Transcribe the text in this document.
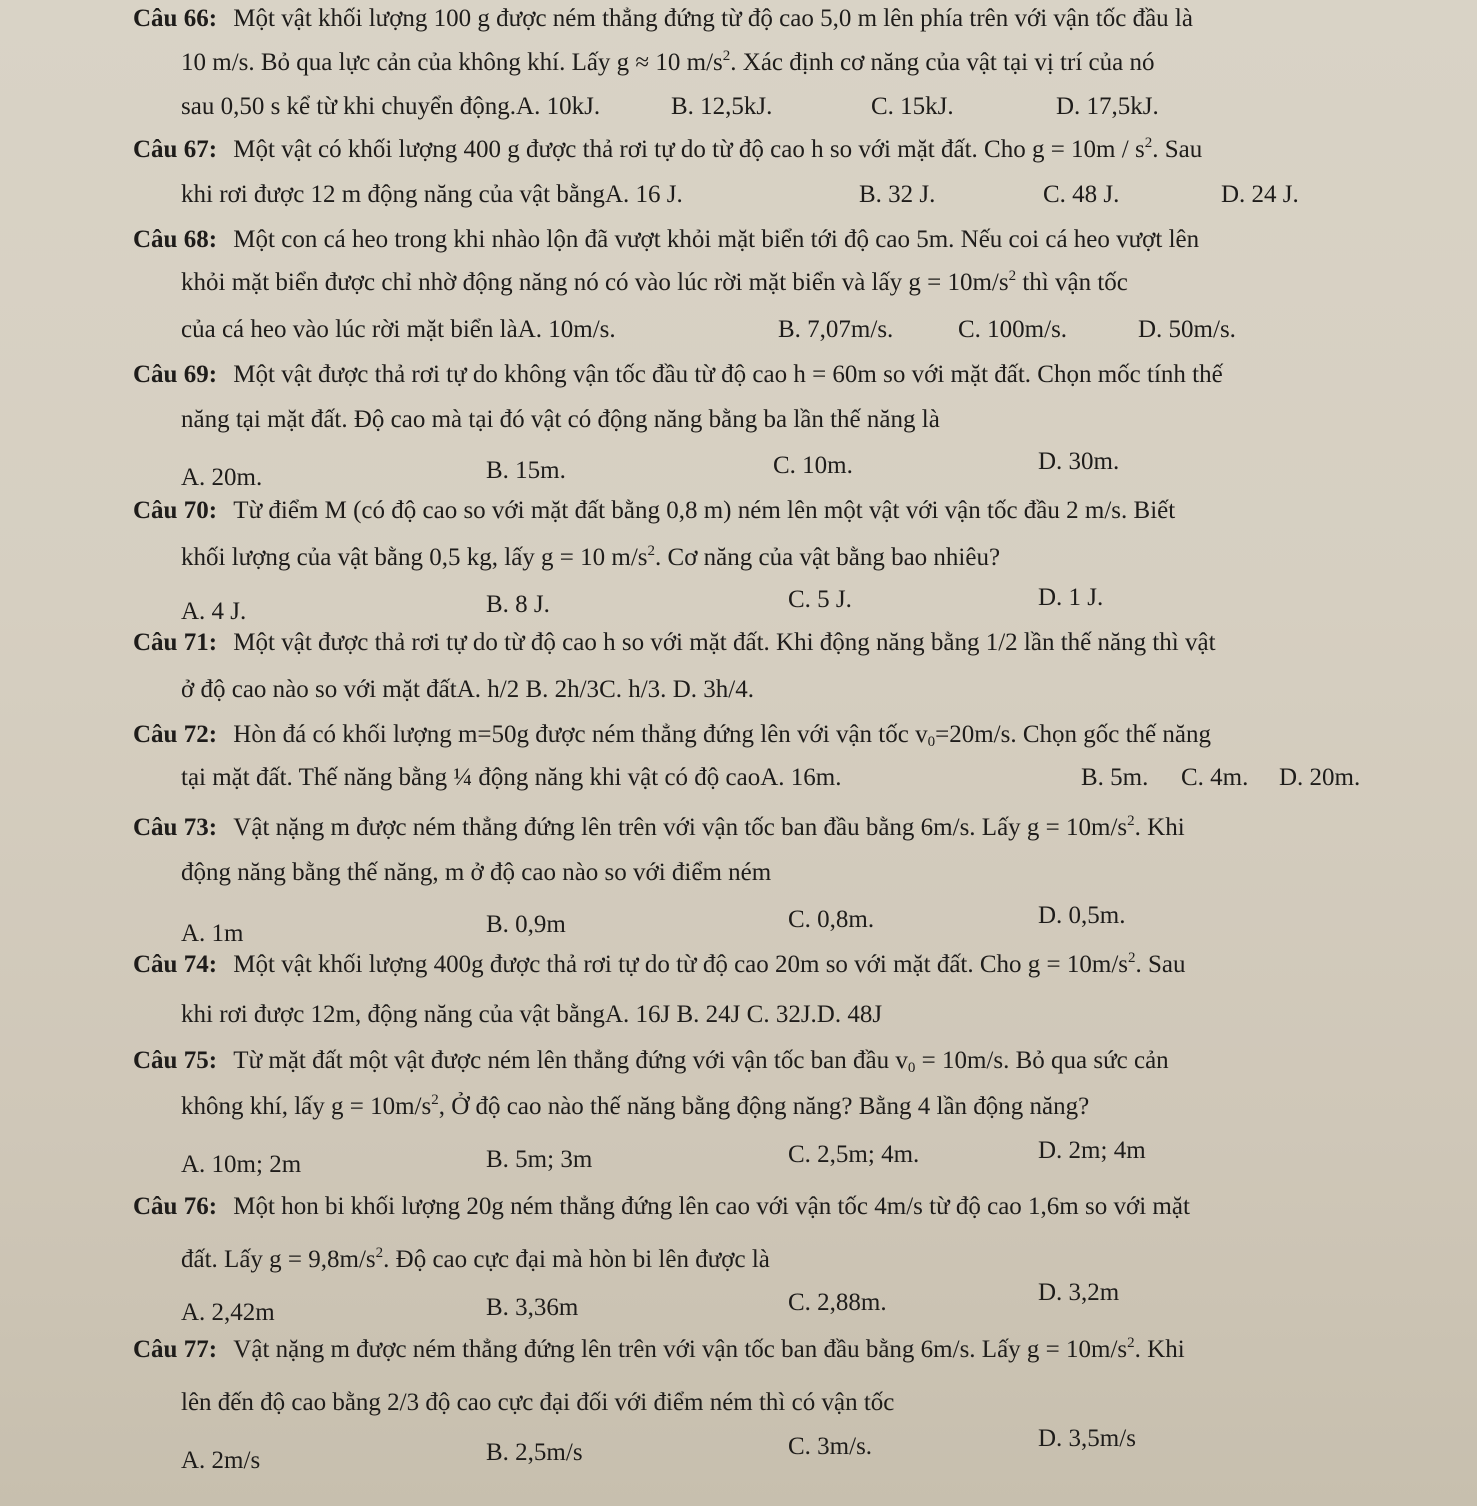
Câu 66: Một vật khối lượng 100 g được ném thẳng đứng từ độ cao 5,0 m lên phía trên với vận tốc đầu là
10 m/s. Bỏ qua lực cản của không khí. Lấy g ≈ 10 $m/s^2$. Xác định cơ năng của vật tại vị trí của nó
sau 0,50 s kể từ khi chuyển động.A. 10kJ.	B. 12,5kJ.	C. 15kJ.	D. 17,5kJ.
Câu 67: Một vật có khối lượng 400 g được thả rơi tự do từ độ cao h so với mặt đất. Cho $g = 10m / s^2$. Sau
khi rơi được 12 m động năng của vật bằngA. 16 J.	B. 32 J.	C. 48 J.	D. 24 J.
Câu 68: Một con cá heo trong khi nhào lộn đã vượt khỏi mặt biển tới độ cao 5m. Nếu coi cá heo vượt lên
khỏi mặt biển được chỉ nhờ động năng nó có vào lúc rời mặt biển và lấy $g = 10m/s^2$ thì vận tốc
của cá heo vào lúc rời mặt biển làA. 10m/s.	B. 7,07m/s.	C. 100m/s.	D. 50m/s.
Câu 69: Một vật được thả rơi tự do không vận tốc đầu từ độ cao h = 60m so với mặt đất. Chọn mốc tính thế
năng tại mặt đất. Độ cao mà tại đó vật có động năng bằng ba lần thế năng là
A. 20m.	B. 15m.	C. 10m.	D. 30m.
Câu 70: Từ điểm M (có độ cao so với mặt đất bằng 0,8 m) ném lên một vật với vận tốc đầu 2 m/s. Biết
khối lượng của vật bằng 0,5 kg, lấy g = 10 $m/s^2$. Cơ năng của vật bằng bao nhiêu?
A. 4 J.	B. 8 J.	C. 5 J.	D. 1 J.
Câu 71: Một vật được thả rơi tự do từ độ cao h so với mặt đất. Khi động năng bằng 1/2 lần thế năng thì vật
ở độ cao nào so với mặt đấtA. h/2 B. 2h/3C. h/3. D. 3h/4.
Câu 72: Hòn đá có khối lượng m=50g được ném thẳng đứng lên với vận tốc $v_0=20m/s$. Chọn gốc thế năng
tại mặt đất. Thế năng bằng ¼ động năng khi vật có độ caoA. 16m.	B. 5m. C. 4m. D. 20m.
Câu 73: Vật nặng m được ném thẳng đứng lên trên với vận tốc ban đầu bằng 6m/s. Lấy $g = 10m/s^2$. Khi
động năng bằng thế năng, m ở độ cao nào so với điểm ném
A. 1m	B. 0,9m	C. 0,8m.	D. 0,5m.
Câu 74: Một vật khối lượng 400g được thả rơi tự do từ độ cao 20m so với mặt đất. Cho $g = 10m/s^2$. Sau
khi rơi được 12m, động năng của vật bằngA. 16J B. 24J C. 32J.D. 48J
Câu 75: Từ mặt đất một vật được ném lên thẳng đứng với vận tốc ban đầu $v_0 = 10m/s$. Bỏ qua sức cản
không khí, lấy $g = 10m/s^2$, Ở độ cao nào thế năng bằng động năng? Bằng 4 lần động năng?
A. 10m; 2m	B. 5m; 3m	C. 2,5m; 4m.	D. 2m; 4m
Câu 76: Một hon bi khối lượng 20g ném thẳng đứng lên cao với vận tốc 4m/s từ độ cao 1,6m so với mặt
đất. Lấy $g = 9,8m/s^2$. Độ cao cực đại mà hòn bi lên được là
A. 2,42m	B. 3,36m	C. 2,88m.	D. 3,2m
Câu 77: Vật nặng m được ném thẳng đứng lên trên với vận tốc ban đầu bằng 6m/s. Lấy $g = 10m/s^2$. Khi
lên đến độ cao bằng 2/3 độ cao cực đại đối với điểm ném thì có vận tốc
A. 2m/s	B. 2,5m/s	C. 3m/s.	D. 3,5m/s
